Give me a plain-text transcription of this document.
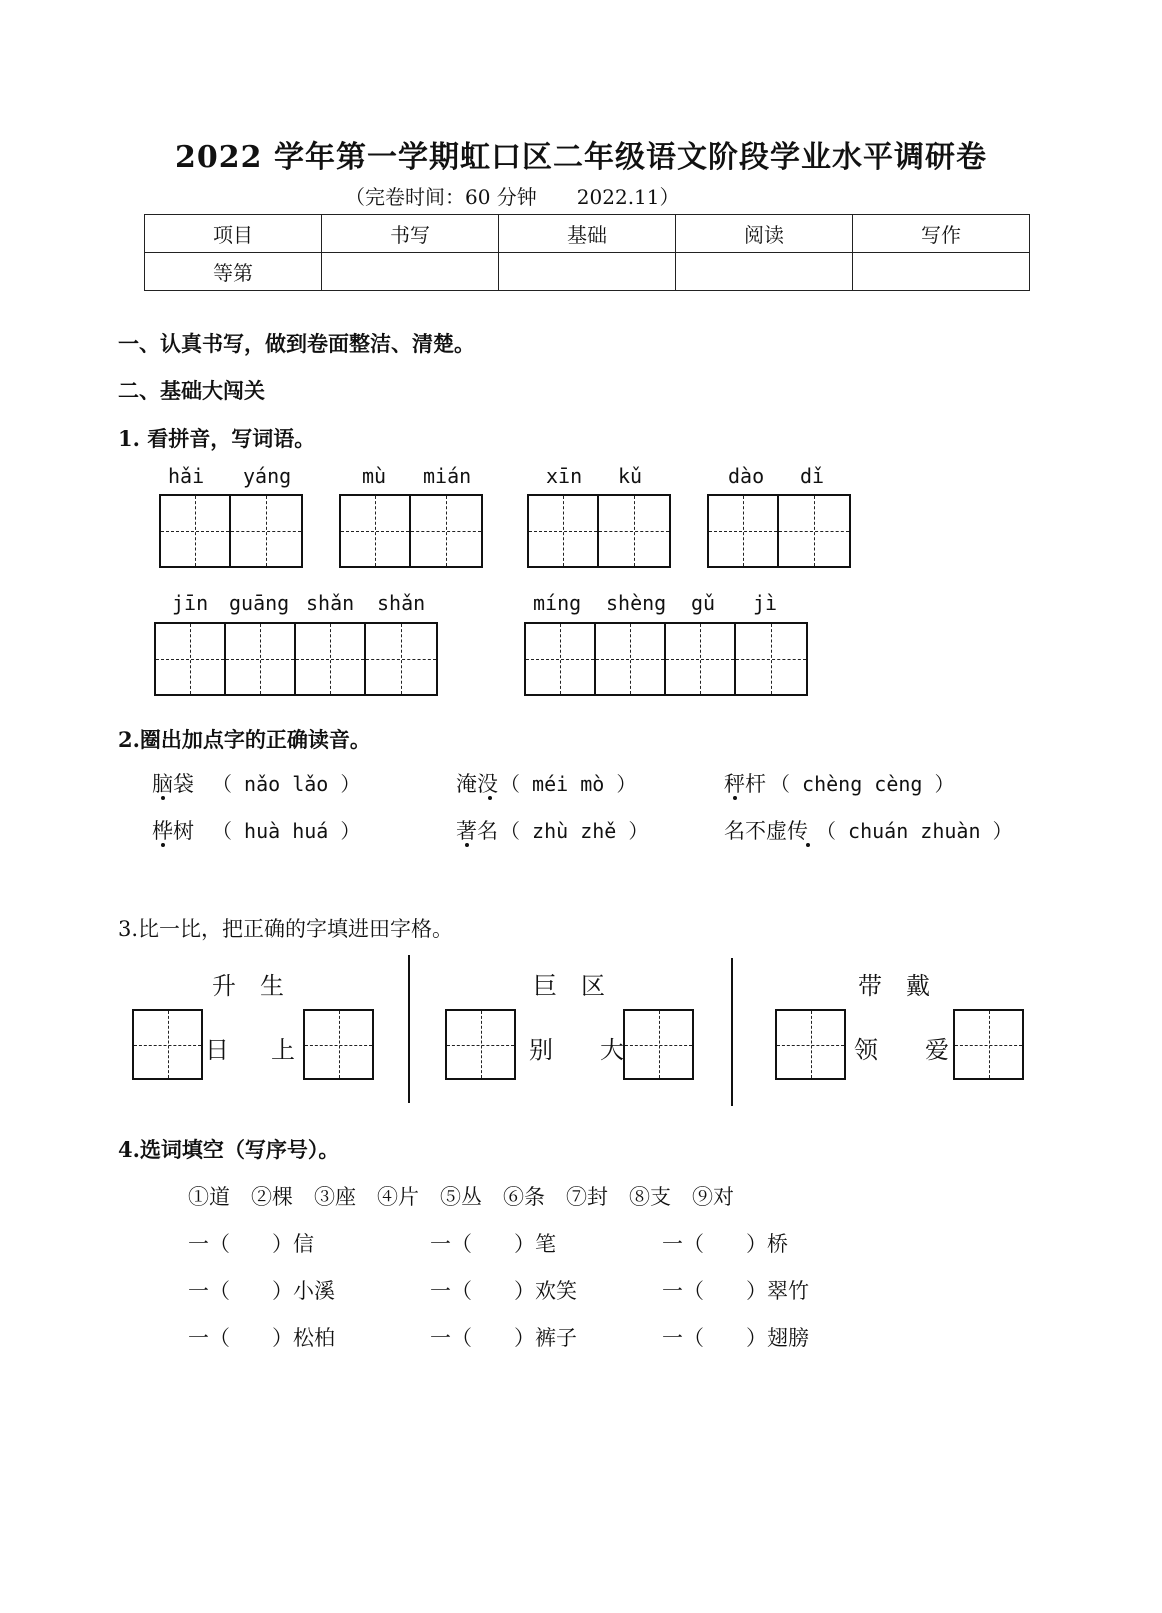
2022 学年第一学期虹口区二年级语文阶段学业水平调研卷
（完卷时间：60 分钟　　2022.11）
项目	书写	基础	阅读	写作
等第				
一、认真书写，做到卷面整洁、清楚。
二、基础大闯关
1. 看拼音，写词语。
hǎi yáng	mù mián	xīn kǔ	dào dǐ
jīn guāng shǎn shǎn	míng shèng gǔ jì
2.圈出加点字的正确读音。
脑袋 （ nǎo lǎo ）	淹没 （ méi mò ）	秤杆 （ chèng cèng ）
桦树 （ huà huá ）	著名 （ zhù zhě ）	名不虚传 （ chuán zhuàn ）
3.比一比，把正确的字填进田字格。
升　生
日 上
巨　区
别 大
带　戴
领 爱
4.选词填空（写序号）。
①道　②棵　③座　④片　⑤丛　⑥条　⑦封　⑧支　⑨对
一（　　）信	一（　　）笔	一（　　）桥
一（　　）小溪	一（　　）欢笑	一（　　）翠竹
一（　　）松柏	一（　　）裤子	一（　　）翅膀
